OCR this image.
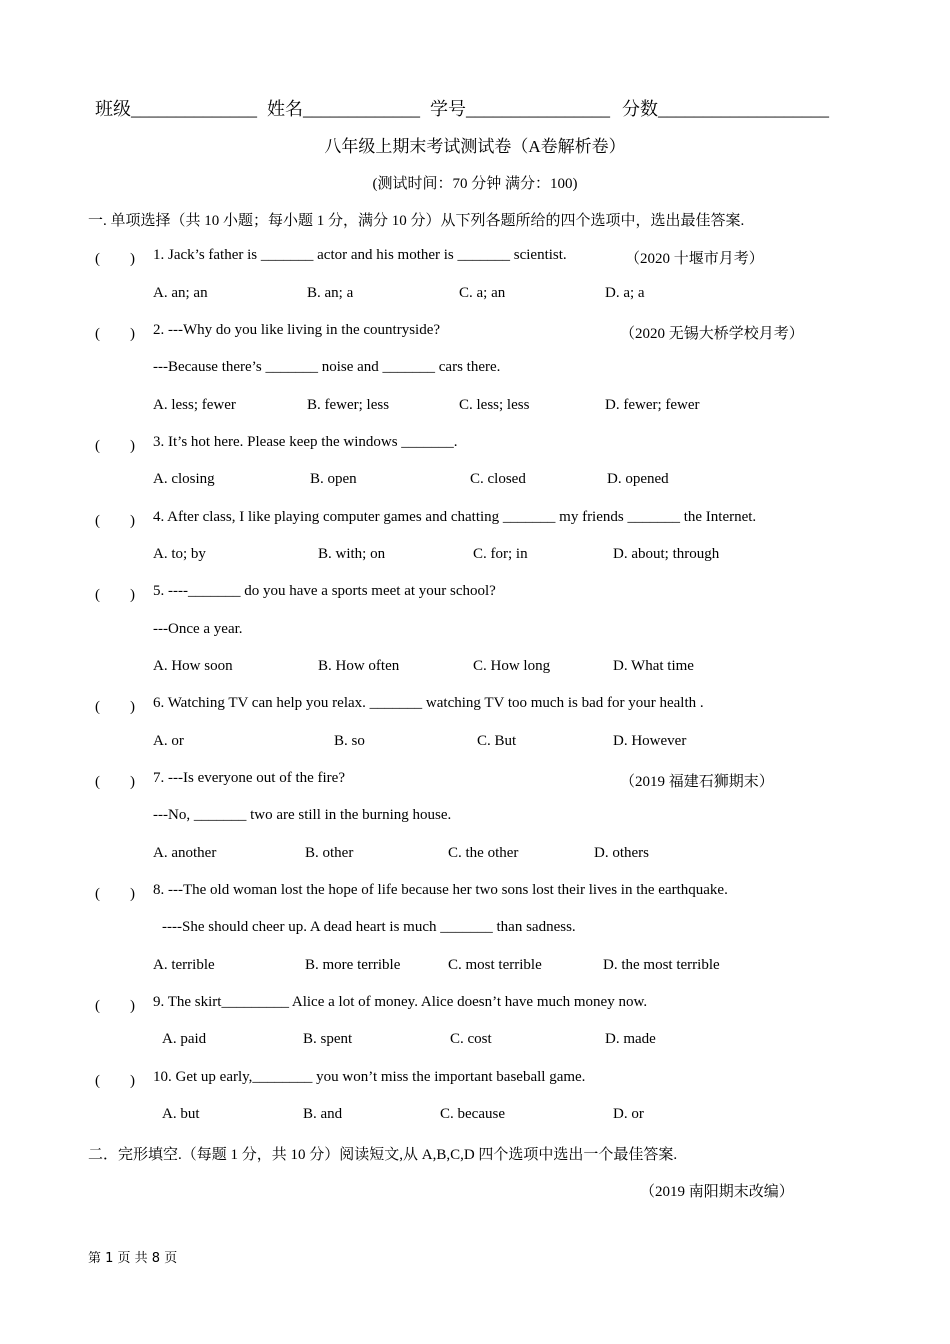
班级______________ 姓名_____________ 学号________________ 分数___________________
八年级上期末考试测试卷（A卷解析卷）
(测试时间：70 分钟 满分：100)
一. 单项选择（共 10 小题；每小题 1 分，满分 10 分）从下列各题所给的四个选项中，选出最佳答案.
(　　) 1. Jack’s father is _______ actor and his mother is _______ scientist.	（2020 十堰市月考）
A. an; an	B. an; a	C. a; an	D. a; a
(　　) 2. ---Why do you like living in the countryside?	（2020 无锡大桥学校月考）
---Because there’s _______ noise and _______ cars there.
A. less; fewer	B. fewer; less	C. less; less	D. fewer; fewer
(　　) 3. It’s hot here. Please keep the windows _______.
A. closing	B. open	C. closed	D. opened
(　　) 4. After class, I like playing computer games and chatting _______ my friends _______ the Internet.
A. to; by	B. with; on	C. for; in	D. about; through
(　　) 5. ----_______ do you have a sports meet at your school?
---Once a year.
A. How soon	B. How often	C. How long	D. What time
(　　) 6. Watching TV can help you relax. _______ watching TV too much is bad for your health .
A. or	B. so	C. But	D. However
(　　) 7. ---Is everyone out of the fire?	（2019 福建石狮期末）
---No, _______ two are still in the burning house.
A. another	B. other	C. the other	D. others
(　　) 8. ---The old woman lost the hope of life because her two sons lost their lives in the earthquake.
----She should cheer up. A dead heart is much _______ than sadness.
A. terrible	B. more terrible	C. most terrible	D. the most terrible
(　　) 9. The skirt_________ Alice a lot of money. Alice doesn’t have much money now.
A. paid	B. spent	C. cost	D. made
(　　) 10. Get up early,________ you won’t miss the important baseball game.
A. but	B. and	C. because	D. or
二．完形填空.（每题 1 分，共 10 分）阅读短文,从 A,B,C,D 四个选项中选出一个最佳答案.
（2019 南阳期末改编）
第 1 页 共 8 页
